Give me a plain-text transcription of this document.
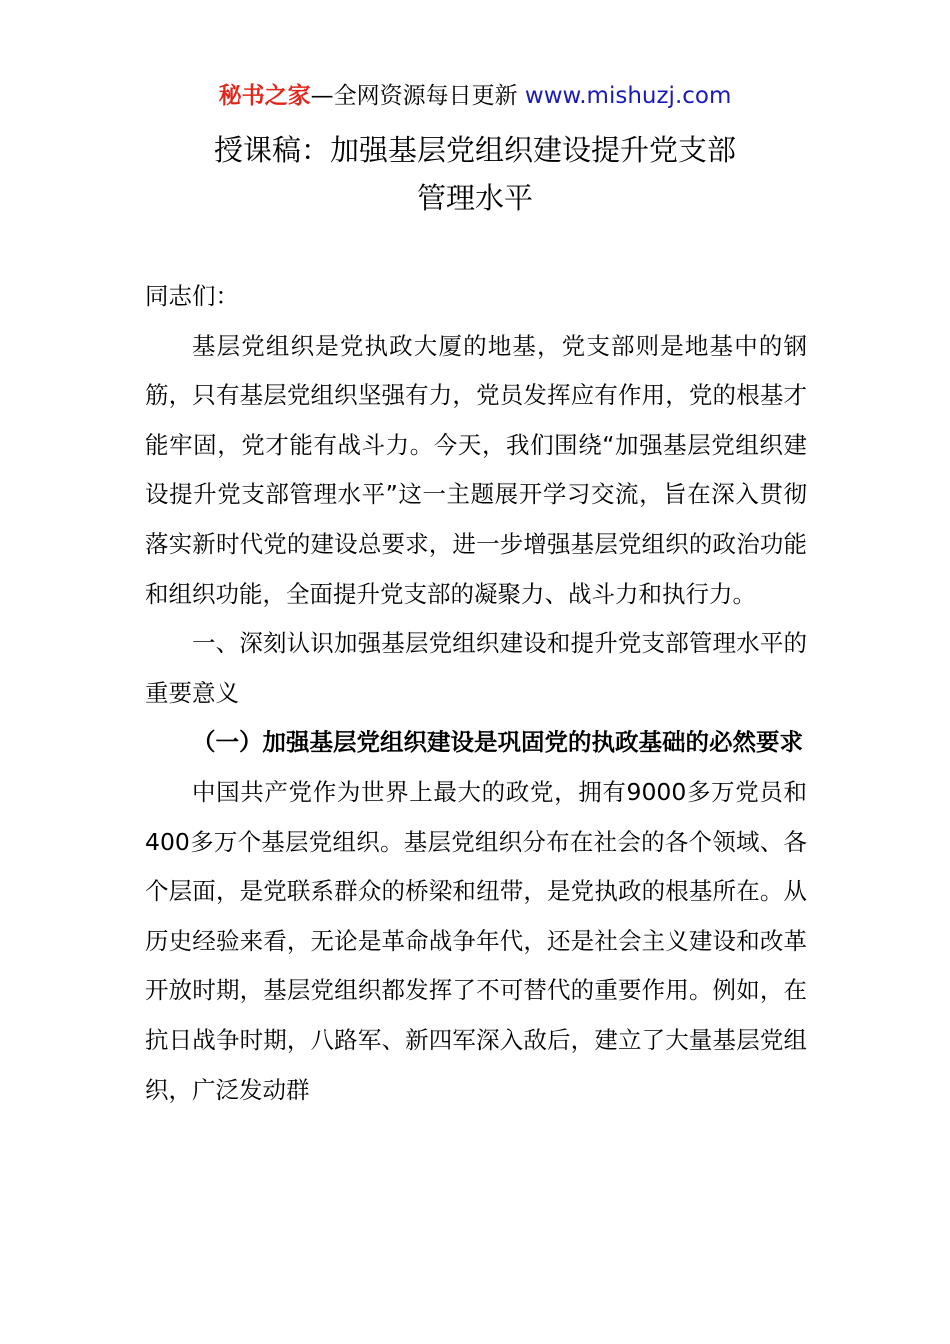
秘书之家—全网资源每日更新 www.mishuzj.com
授课稿：加强基层党组织建设提升党支部
管理水平

同志们：

基层党组织是党执政大厦的地基，党支部则是地基中的钢筋，只有基层党组织坚强有力，党员发挥应有作用，党的根基才能牢固，党才能有战斗力。今天，我们围绕“加强基层党组织建设提升党支部管理水平”这一主题展开学习交流，旨在深入贯彻落实新时代党的建设总要求，进一步增强基层党组织的政治功能和组织功能，全面提升党支部的凝聚力、战斗力和执行力。

一、深刻认识加强基层党组织建设和提升党支部管理水平的重要意义

（一）加强基层党组织建设是巩固党的执政基础的必然要求

中国共产党作为世界上最大的政党，拥有9000多万党员和400多万个基层党组织。基层党组织分布在社会的各个领域、各个层面，是党联系群众的桥梁和纽带，是党执政的根基所在。从历史经验来看，无论是革命战争年代，还是社会主义建设和改革开放时期，基层党组织都发挥了不可替代的重要作用。例如，在抗日战争时期，八路军、新四军深入敌后，建立了大量基层党组织，广泛发动群
